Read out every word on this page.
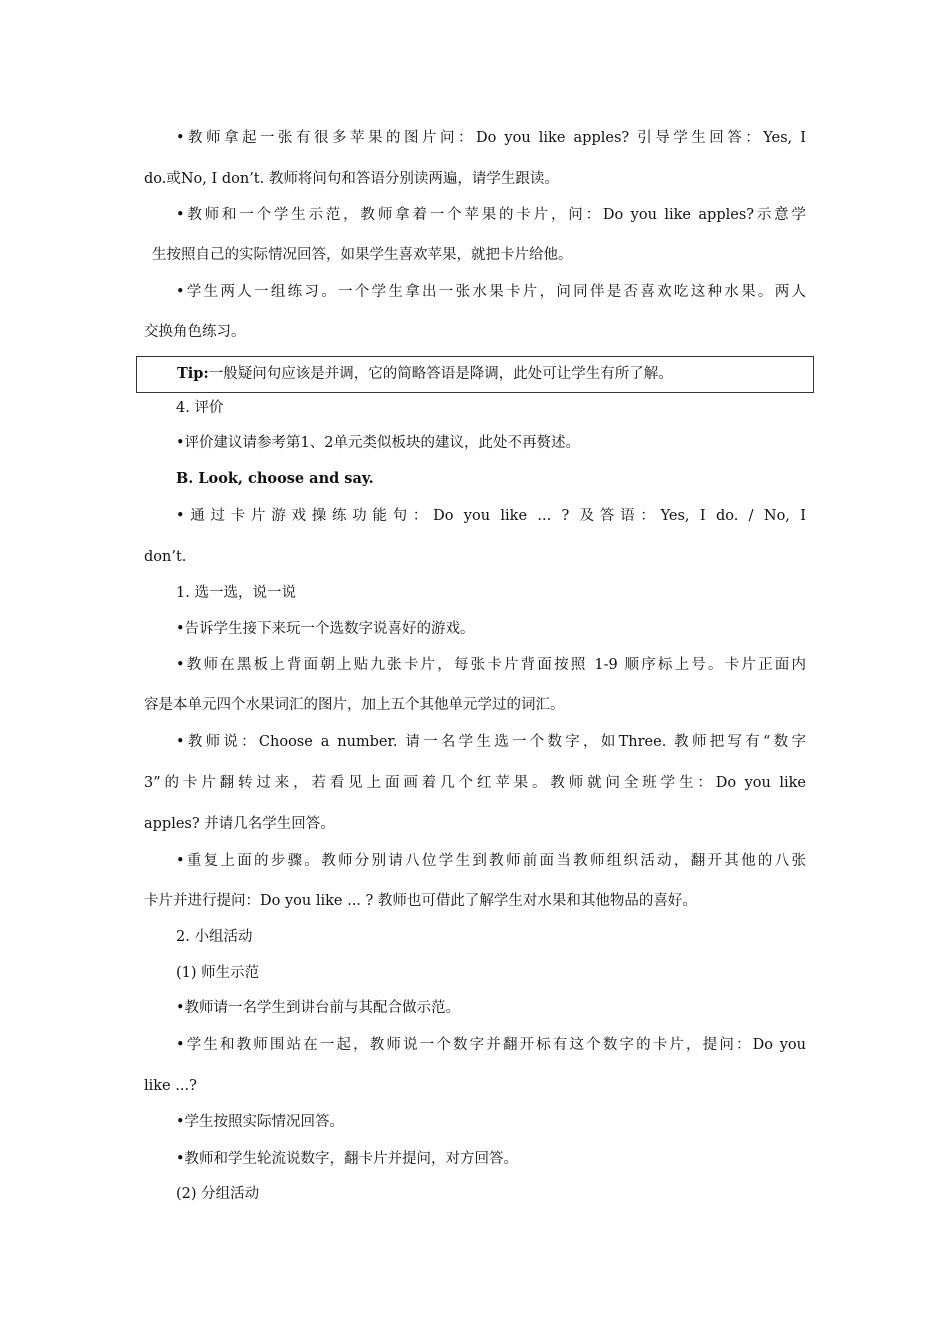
•教师拿起一张有很多苹果的图片问：Do you like apples? 引导学生回答：Yes, I
do.或No, I don’t. 教师将问句和答语分别读两遍，请学生跟读。
•教师和一个学生示范，教师拿着一个苹果的卡片，问：Do you like apples?示意学
生按照自己的实际情况回答，如果学生喜欢苹果，就把卡片给他。
•学生两人一组练习。一个学生拿出一张水果卡片，问同伴是否喜欢吃这种水果。两人
交换角色练习。
Tip:一般疑问句应该是并调，它的简略答语是降调，此处可让学生有所了解。
4. 评价
•评价建议请参考第1、2单元类似板块的建议，此处不再赘述。
B. Look, choose and say.
•通过卡片游戏操练功能句：Do you like ... ? 及答语：Yes, I do. / No, I
don’t.
1. 选一选，说一说
•告诉学生接下来玩一个选数字说喜好的游戏。
•教师在黑板上背面朝上贴九张卡片，每张卡片背面按照 1-9 顺序标上号。卡片正面内
容是本单元四个水果词汇的图片，加上五个其他单元学过的词汇。
•教师说：Choose a number. 请一名学生选一个数字，如Three. 教师把写有“数字
3”的卡片翻转过来，若看见上面画着几个红苹果。教师就问全班学生：Do you like
apples? 并请几名学生回答。
•重复上面的步骤。教师分别请八位学生到教师前面当教师组织活动，翻开其他的八张
卡片并进行提问：Do you like ... ? 教师也可借此了解学生对水果和其他物品的喜好。
2. 小组活动
(1) 师生示范
•教师请一名学生到讲台前与其配合做示范。
•学生和教师围站在一起，教师说一个数字并翻开标有这个数字的卡片，提问：Do you
like ...?
•学生按照实际情况回答。
•教师和学生轮流说数字，翻卡片并提问，对方回答。
(2) 分组活动
